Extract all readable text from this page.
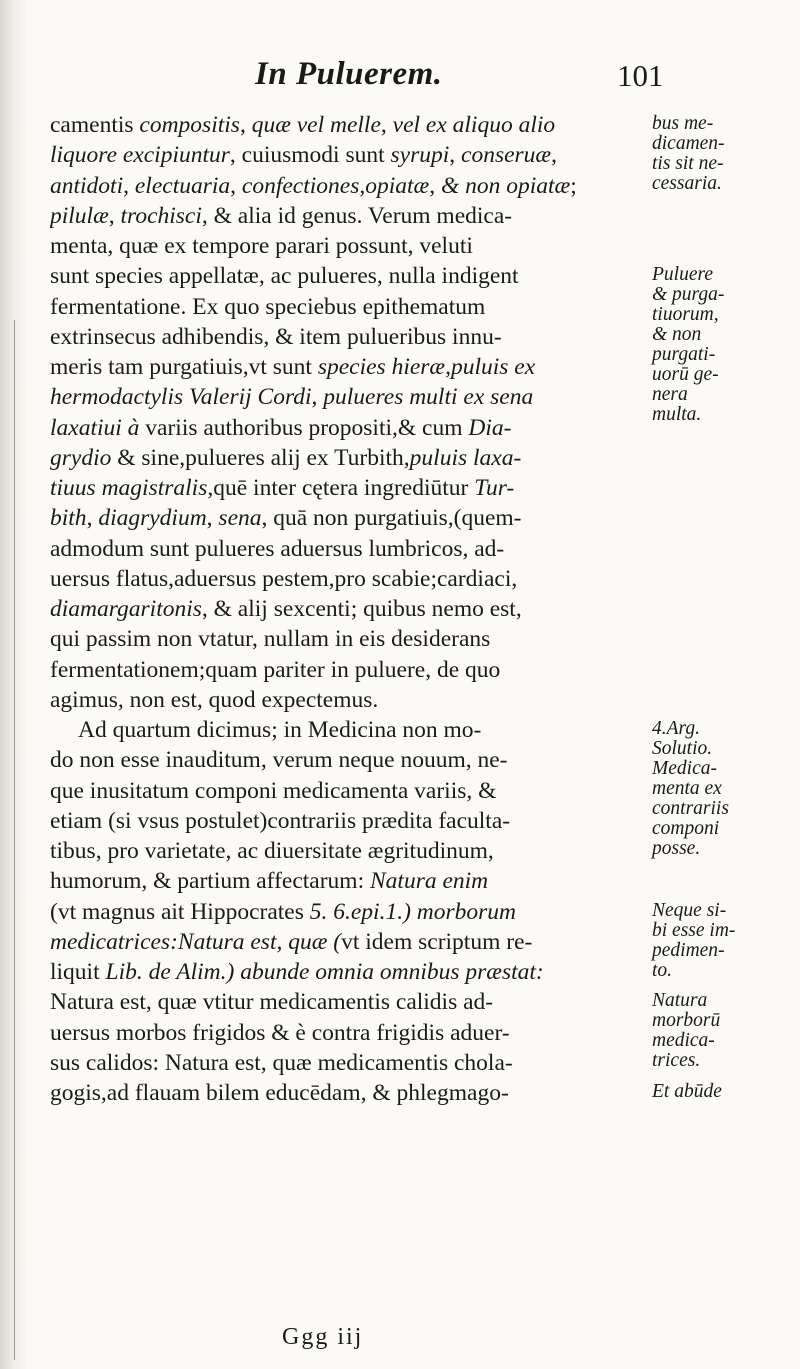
In Puluerem.	101
camentis compositis, quæ vel melle, vel ex aliquo alio
liquore excipiuntur, cuiusmodi sunt syrupi, conseruæ,
antidoti, electuaria, confectiones,opiatæ, & non opiatæ;
pilulæ, trochisci, & alia id genus. Verum medica-
menta, quæ ex tempore parari possunt, veluti
sunt species appellatæ, ac pulueres, nulla indigent
fermentatione. Ex quo speciebus epithematum
extrinsecus adhibendis, & item pulueribus innu-
meris tam purgatiuis,vt sunt species hieræ,puluis ex
hermodactylis Valerij Cordi, pulueres multi ex sena
laxatiui à variis authoribus propositi,& cum Dia-
grydio & sine,pulueres alij ex Turbith,puluis laxa-
tiuus magistralis,quē inter cętera ingrediūtur Tur-
bith, diagrydium, sena, quā non purgatiuis,(quem-
admodum sunt pulueres aduersus lumbricos, ad-
uersus flatus,aduersus pestem,pro scabie;cardiaci,
diamargaritonis, & alij sexcenti; quibus nemo est,
qui passim non vtatur, nullam in eis desiderans
fermentationem;quam pariter in puluere, de quo
agimus, non est, quod expectemus.
Ad quartum dicimus; in Medicina non mo-
do non esse inauditum, verum neque nouum, ne-
que inusitatum componi medicamenta variis, &
etiam (si vsus postulet)contrariis prædita faculta-
tibus, pro varietate, ac diuersitate ægritudinum,
humorum, & partium affectarum: Natura enim
(vt magnus ait Hippocrates 5. 6.epi.1.) morborum
medicatrices:Natura est, quæ (vt idem scriptum re-
liquit Lib. de Alim.) abunde omnia omnibus præstat:
Natura est, quæ vtitur medicamentis calidis ad-
uersus morbos frigidos & è contra frigidis aduer-
sus calidos: Natura est, quæ medicamentis chola-
gogis,ad flauam bilem educēdam, & phlegmago-
bus me-
dicamen-
tis sit ne-
cessaria.
Puluere
& purga-
tiuorum,
& non
purgati-
uorū ge-
nera
multa.
4.Arg.
Solutio.
Medica-
menta ex
contrariis
componi
posse.
Neque si-
bi esse im-
pedimen-
to.
Natura
morborū
medica-
trices.
Et abūde
Ggg iij
